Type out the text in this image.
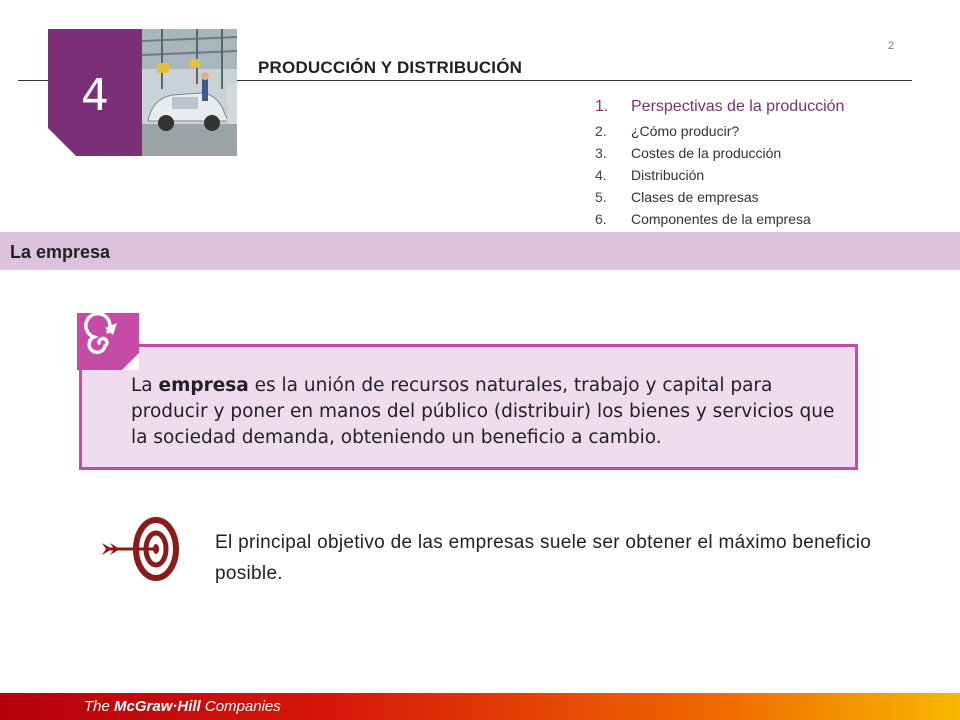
4
PRODUCCIÓN Y DISTRIBUCIÓN
2
1.	Perspectivas de la producción
2.	¿Cómo producir?
3.	Costes de la producción
4.	Distribución
5.	Clases de empresas
6.	Componentes de la empresa
La empresa
La empresa es la unión de recursos naturales, trabajo y capital para producir y poner en manos del público (distribuir) los bienes y servicios que la sociedad demanda, obteniendo un beneficio a cambio.
El principal objetivo de las empresas suele ser obtener el máximo beneficio posible.
The McGraw·Hill Companies
